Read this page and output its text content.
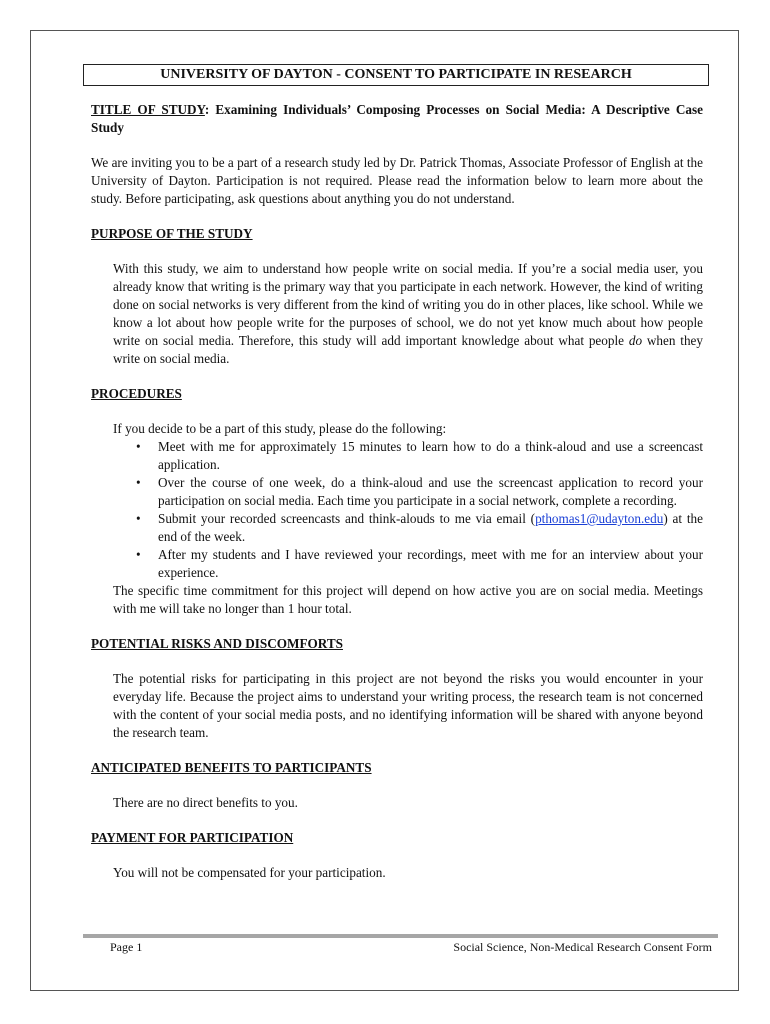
UNIVERSITY OF DAYTON - CONSENT TO PARTICIPATE IN RESEARCH

TITLE OF STUDY: Examining Individuals’ Composing Processes on Social Media: A Descriptive Case Study

We are inviting you to be a part of a research study led by Dr. Patrick Thomas, Associate Professor of English at the University of Dayton. Participation is not required. Please read the information below to learn more about the study. Before participating, ask questions about anything you do not understand.

PURPOSE OF THE STUDY

With this study, we aim to understand how people write on social media. If you’re a social media user, you already know that writing is the primary way that you participate in each network. However, the kind of writing done on social networks is very different from the kind of writing you do in other places, like school. While we know a lot about how people write for the purposes of school, we do not yet know much about how people write on social media. Therefore, this study will add important knowledge about what people do when they write on social media.

PROCEDURES

If you decide to be a part of this study, please do the following:

• Meet with me for approximately 15 minutes to learn how to do a think-aloud and use a screencast application.
• Over the course of one week, do a think-aloud and use the screencast application to record your participation on social media. Each time you participate in a social network, complete a recording.
• Submit your recorded screencasts and think-alouds to me via email (pthomas1@udayton.edu) at the end of the week.
• After my students and I have reviewed your recordings, meet with me for an interview about your experience.

The specific time commitment for this project will depend on how active you are on social media. Meetings with me will take no longer than 1 hour total.

POTENTIAL RISKS AND DISCOMFORTS

The potential risks for participating in this project are not beyond the risks you would encounter in your everyday life. Because the project aims to understand your writing process, the research team is not concerned with the content of your social media posts, and no identifying information will be shared with anyone beyond the research team.

ANTICIPATED BENEFITS TO PARTICIPANTS

There are no direct benefits to you.

PAYMENT FOR PARTICIPATION

You will not be compensated for your participation.

Page 1	Social Science, Non-Medical Research Consent Form
